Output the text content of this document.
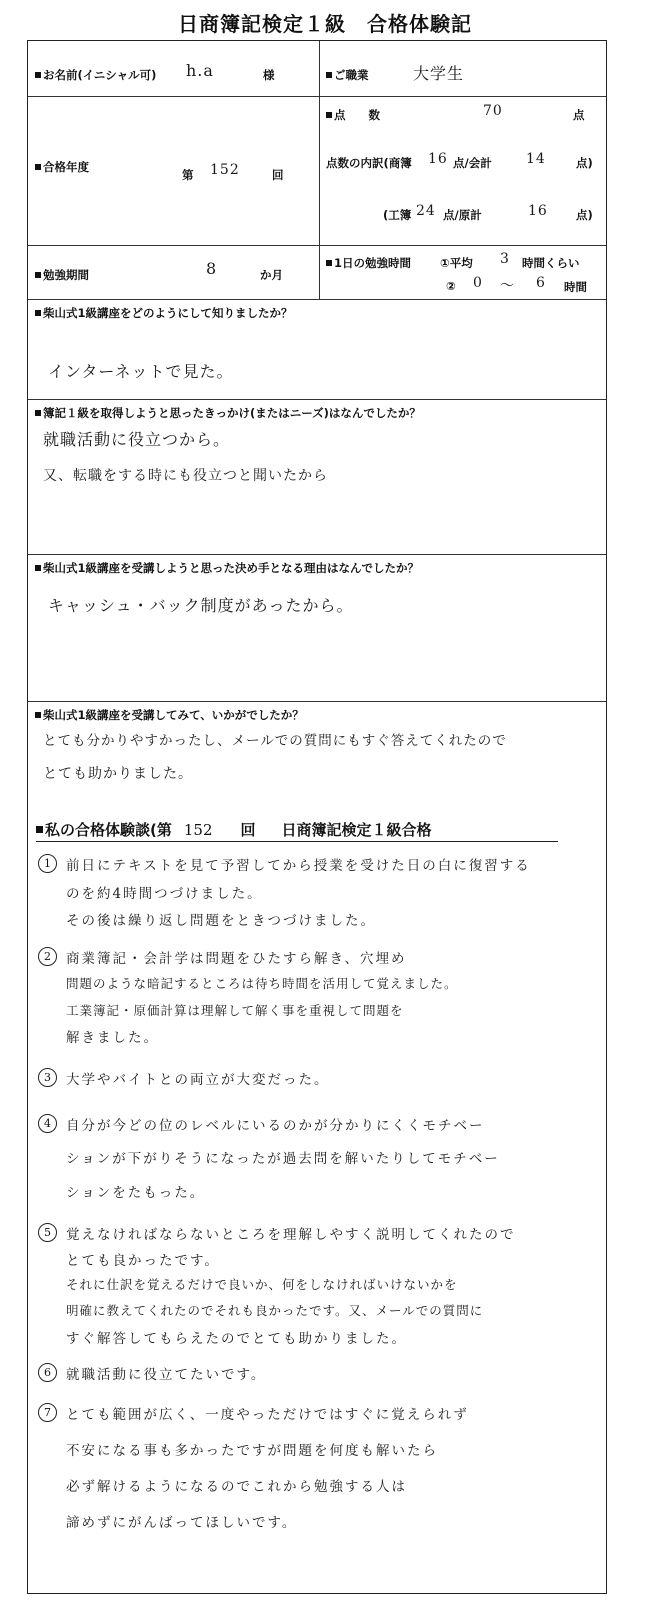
日商簿記検定１級　合格体験記
お名前(イニシャル可) h.a	様	ご職業	大学生
点　　数	70	点
合格年度
第 152	回
点数の内訳(商簿 16 点/会計 14	点)
(工簿 24 点/原計	16 点)
勉強期間	8	か月
1日の勉強時間	①平均 3 時間くらい
② 0 ～ 6 時間
柴山式1級講座をどのようにして知りましたか？
インターネットで見た。
簿記１級を取得しようと思ったきっかけ(またはニーズ)はなんでしたか？
就職活動に役立つから。
又、転職をする時にも役立つと聞いたから
柴山式1級講座を受講しようと思った決め手となる理由はなんでしたか？
キャッシュ・バック制度があったから。
柴山式1級講座を受講してみて、いかがでしたか？
とても分かりやすかったし、メールでの質問にもすぐ答えてくれたので
とても助かりました。
私の合格体験談(第 152 回 日商簿記検定１級合格
1	前日にテキストを見て予習してから授業を受けた日の白に復習する
のを約4時間つづけました。
その後は繰り返し問題をときつづけました。
2	商業簿記・会計学は問題をひたすら解き、穴埋め
問題のような暗記するところは待ち時間を活用して覚えました。
工業簿記・原価計算は理解して解く事を重視して問題を
解きました。
3	大学やバイトとの両立が大変だった。
4	自分が今どの位のレベルにいるのかが分かりにくくモチベー
ションが下がりそうになったが過去問を解いたりしてモチベー
ションをたもった。
5	覚えなければならないところを理解しやすく説明してくれたので
とても良かったです。
それに仕訳を覚えるだけで良いか、何をしなければいけないかを
明確に教えてくれたのでそれも良かったです。又、メールでの質問に
すぐ解答してもらえたのでとても助かりました。
6	就職活動に役立てたいです。
7	とても範囲が広く、一度やっただけではすぐに覚えられず
不安になる事も多かったですが問題を何度も解いたら
必ず解けるようになるのでこれから勉強する人は
諦めずにがんばってほしいです。
